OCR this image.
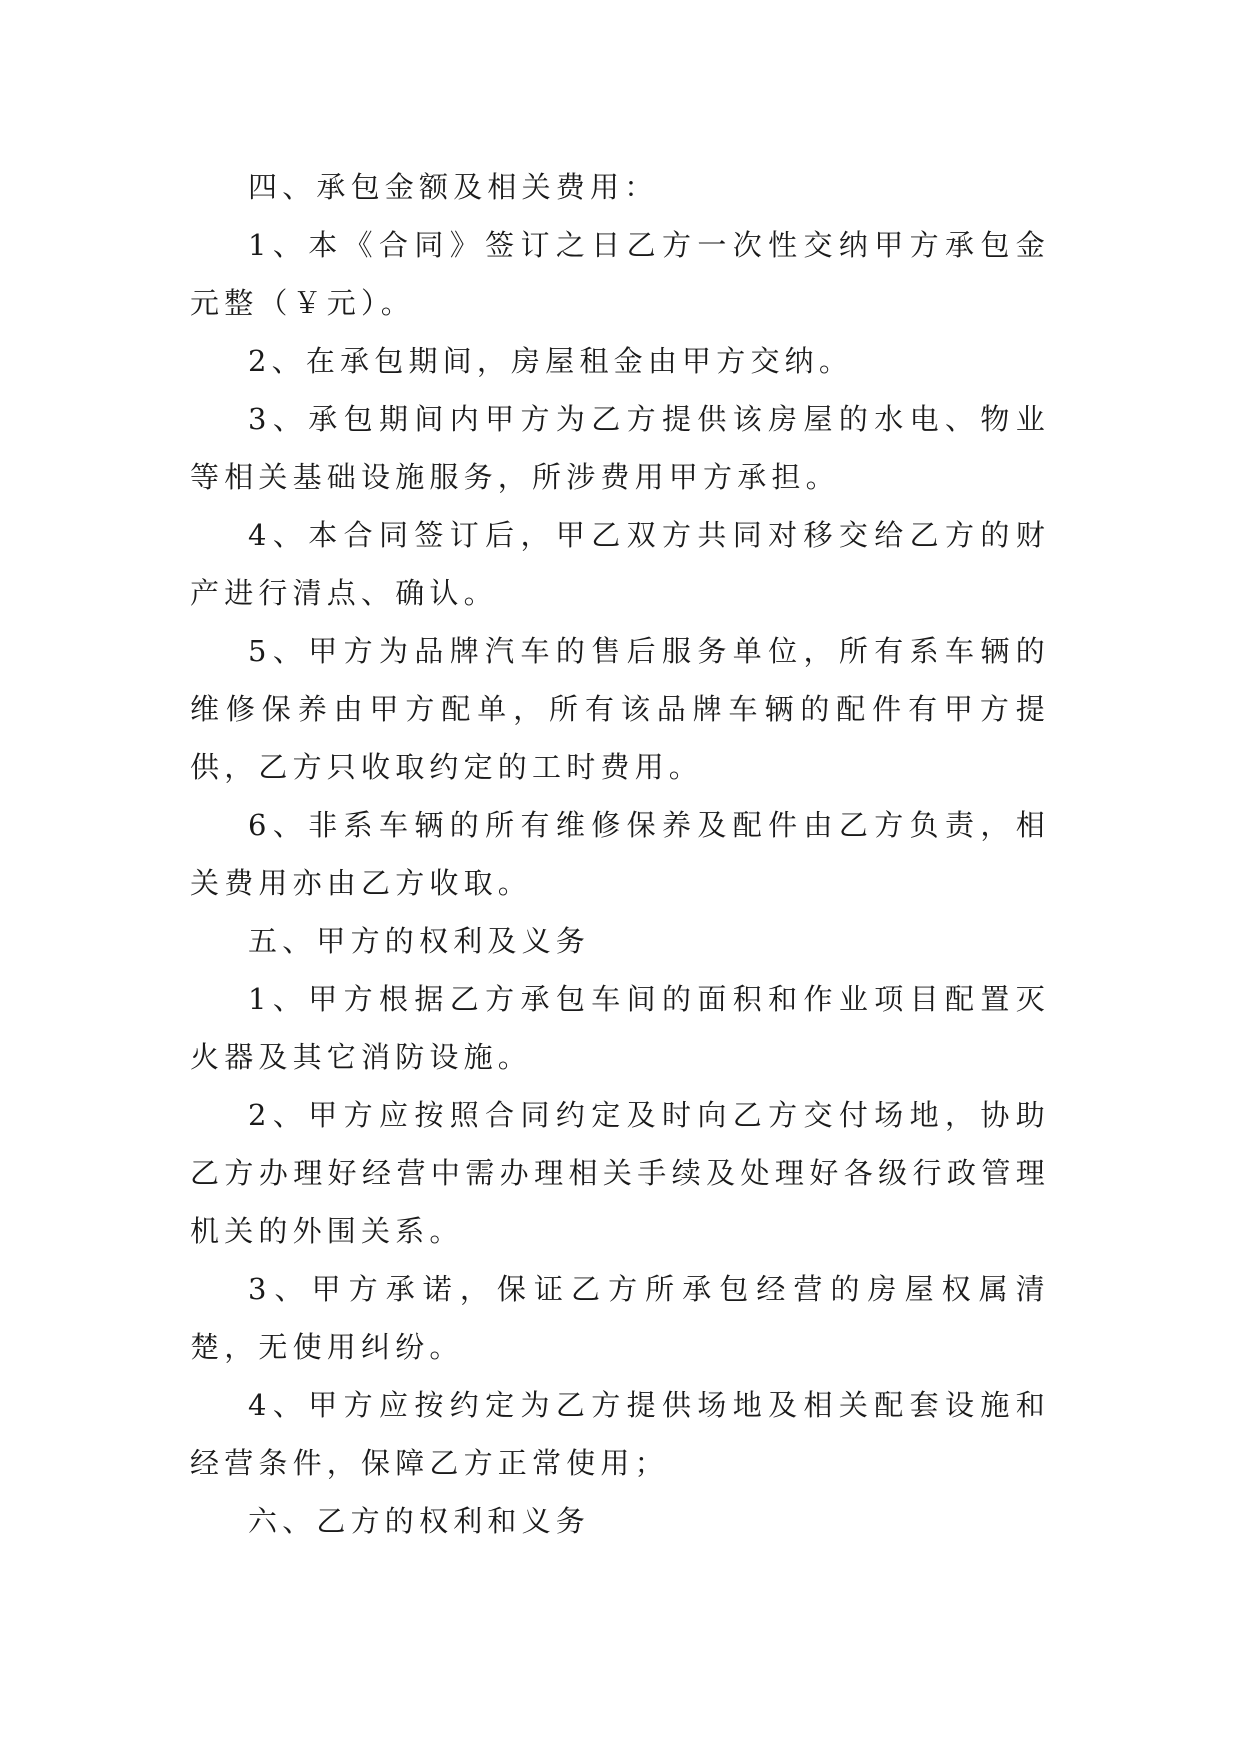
四、承包金额及相关费用：

1、本《合同》签订之日乙方一次性交纳甲方承包金元整（￥元）。

2、在承包期间，房屋租金由甲方交纳。

3、承包期间内甲方为乙方提供该房屋的水电、物业等相关基础设施服务，所涉费用甲方承担。

4、本合同签订后，甲乙双方共同对移交给乙方的财产进行清点、确认。

5、甲方为品牌汽车的售后服务单位，所有系车辆的维修保养由甲方配单，所有该品牌车辆的配件有甲方提供，乙方只收取约定的工时费用。

6、非系车辆的所有维修保养及配件由乙方负责，相关费用亦由乙方收取。

五、甲方的权利及义务

1、甲方根据乙方承包车间的面积和作业项目配置灭火器及其它消防设施。

2、甲方应按照合同约定及时向乙方交付场地，协助乙方办理好经营中需办理相关手续及处理好各级行政管理机关的外围关系。

3、甲方承诺，保证乙方所承包经营的房屋权属清楚，无使用纠纷。

4、甲方应按约定为乙方提供场地及相关配套设施和经营条件，保障乙方正常使用；

六、乙方的权利和义务
